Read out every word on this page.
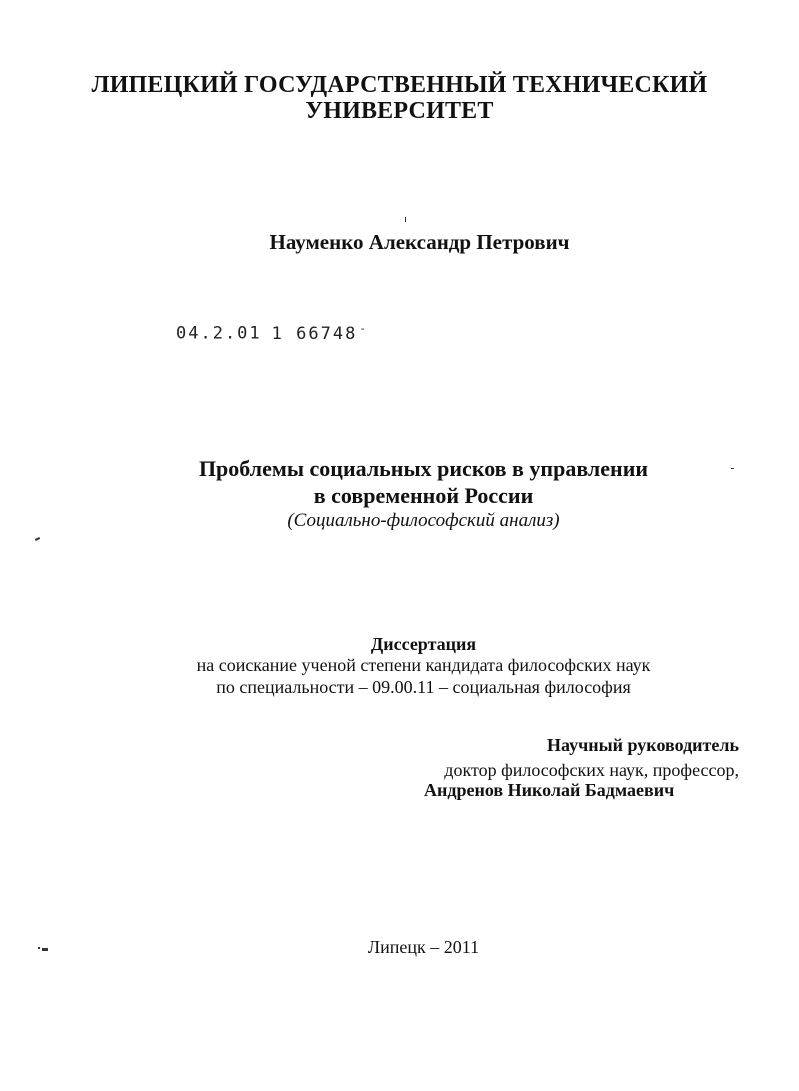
ЛИПЕЦКИЙ ГОСУДАРСТВЕННЫЙ ТЕХНИЧЕСКИЙ
УНИВЕРСИТЕТ
Науменко Александр Петрович
04.2.01 1 66748 -
Проблемы социальных рисков в управлении
в современной России
(Социально-философский анализ)
Диссертация
на соискание ученой степени кандидата философских наук
по специальности – 09.00.11 – социальная философия
Научный руководитель
доктор философских наук, профессор,
Андренов Николай Бадмаевич
Липецк – 2011
